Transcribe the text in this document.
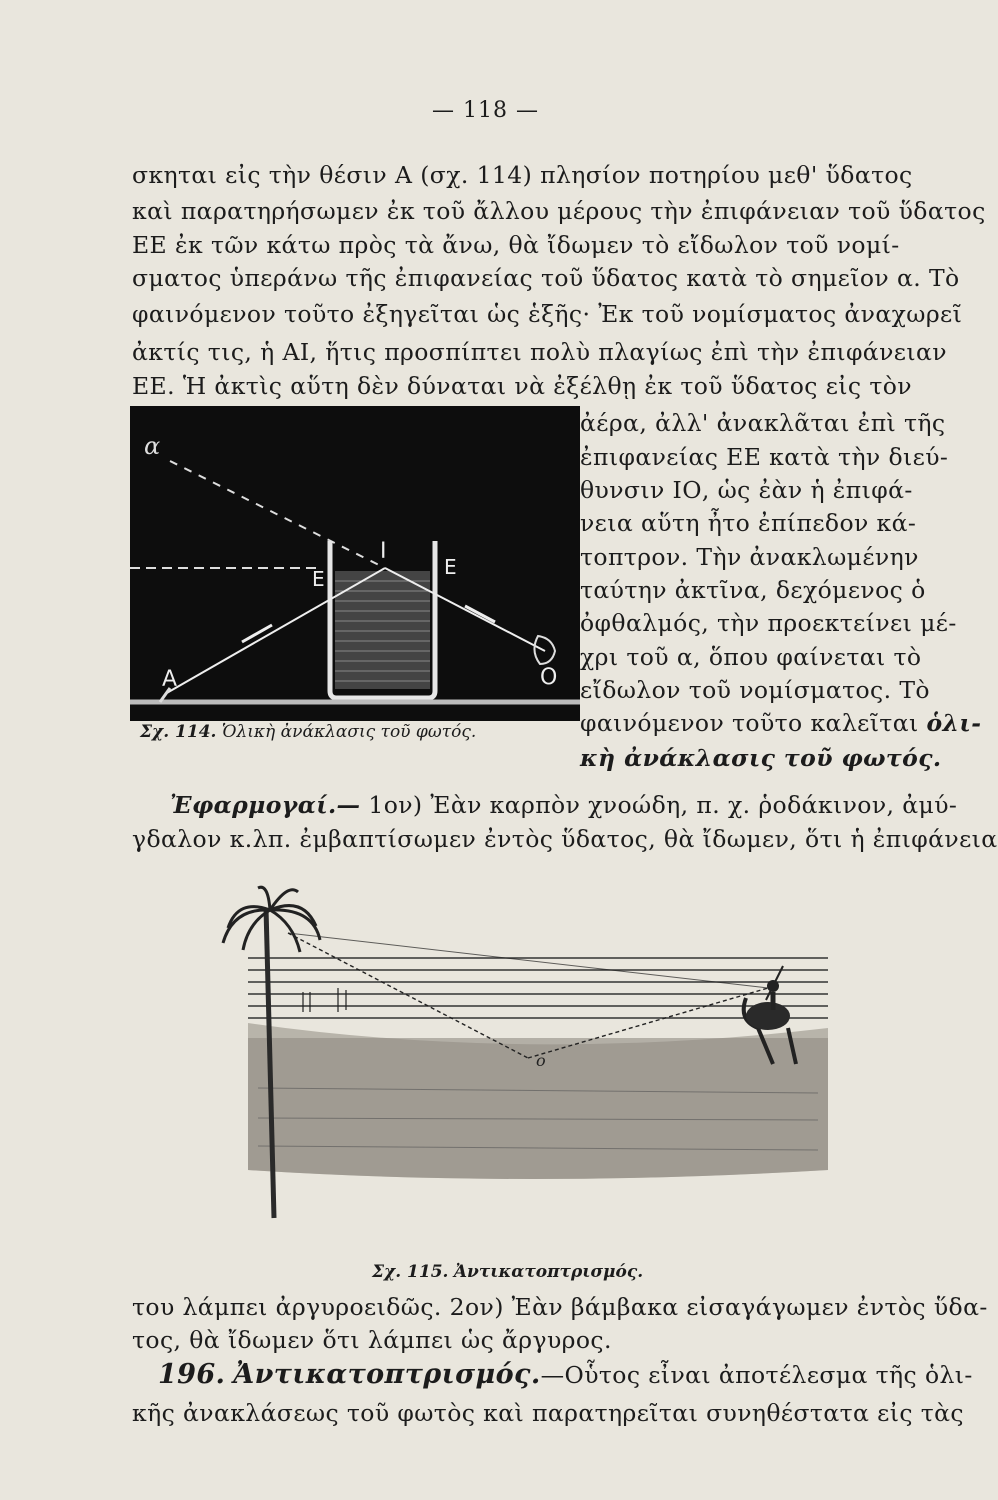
— 118 —
σκηται εἰς τὴν θέσιν Α (σχ. 114) πλησίον ποτηρίου μεθ' ὕδατος
καὶ παρατηρήσωμεν ἐκ τοῦ ἄλλου μέρους τὴν ἐπιφάνειαν τοῦ ὕδατος
ΕΕ ἐκ τῶν κάτω πρὸς τὰ ἄνω, θὰ ἴδωμεν τὸ εἴδωλον τοῦ νομί-
σματος ὑπεράνω τῆς ἐπιφανείας τοῦ ὕδατος κατὰ τὸ σημεῖον α. Τὸ
φαινόμενον τοῦτο ἐξηγεῖται ὡς ἑξῆς· Ἐκ τοῦ νομίσματος ἀναχωρεῖ
ἀκτίς τις, ἡ ΑΙ, ἥτις προσπίπτει πολὺ πλαγίως ἐπὶ τὴν ἐπιφάνειαν
ΕΕ. Ἡ ἀκτὶς αὕτη δὲν δύναται νὰ ἐξέλθῃ ἐκ τοῦ ὕδατος εἰς τὸν
α
Α
Ι
Ε	Ε
Ο
Σχ. 114. Ὁλικὴ ἀνάκλασις τοῦ φωτός.
ἀέρα, ἀλλ' ἀνακλᾶται ἐπὶ τῆς
ἐπιφανείας ΕΕ κατὰ τὴν διεύ-
θυνσιν ΙΟ, ὡς ἐὰν ἡ ἐπιφά-
νεια αὕτη ἦτο ἐπίπεδον κά-
τοπτρον. Τὴν ἀνακλωμένην
ταύτην ἀκτῖνα, δεχόμενος ὁ
ὀφθαλμός, τὴν προεκτείνει μέ-
χρι τοῦ α, ὅπου φαίνεται τὸ
εἴδωλον τοῦ νομίσματος. Τὸ
φαινόμενον τοῦτο καλεῖται ὁλι-
κὴ ἀνάκλασις τοῦ φωτός.
Ἐφαρμογαί.— 1ον) Ἐὰν καρπὸν χνοώδη, π. χ. ῥοδάκινον, ἀμύ-
γδαλον κ.λπ. ἐμβαπτίσωμεν ἐντὸς ὕδατος, θὰ ἴδωμεν, ὅτι ἡ ἐπιφάνεια
o
Σχ. 115. Ἀντικατοπτρισμός.
του λάμπει ἀργυροειδῶς. 2ον) Ἐὰν βάμβακα εἰσαγάγωμεν ἐντὸς ὕδα-
τος, θὰ ἴδωμεν ὅτι λάμπει ὡς ἄργυρος.
196. Ἀντικατοπτρισμός.—Οὗτος εἶναι ἀποτέλεσμα τῆς ὁλι-
κῆς ἀνακλάσεως τοῦ φωτὸς καὶ παρατηρεῖται συνηθέστατα εἰς τὰς
